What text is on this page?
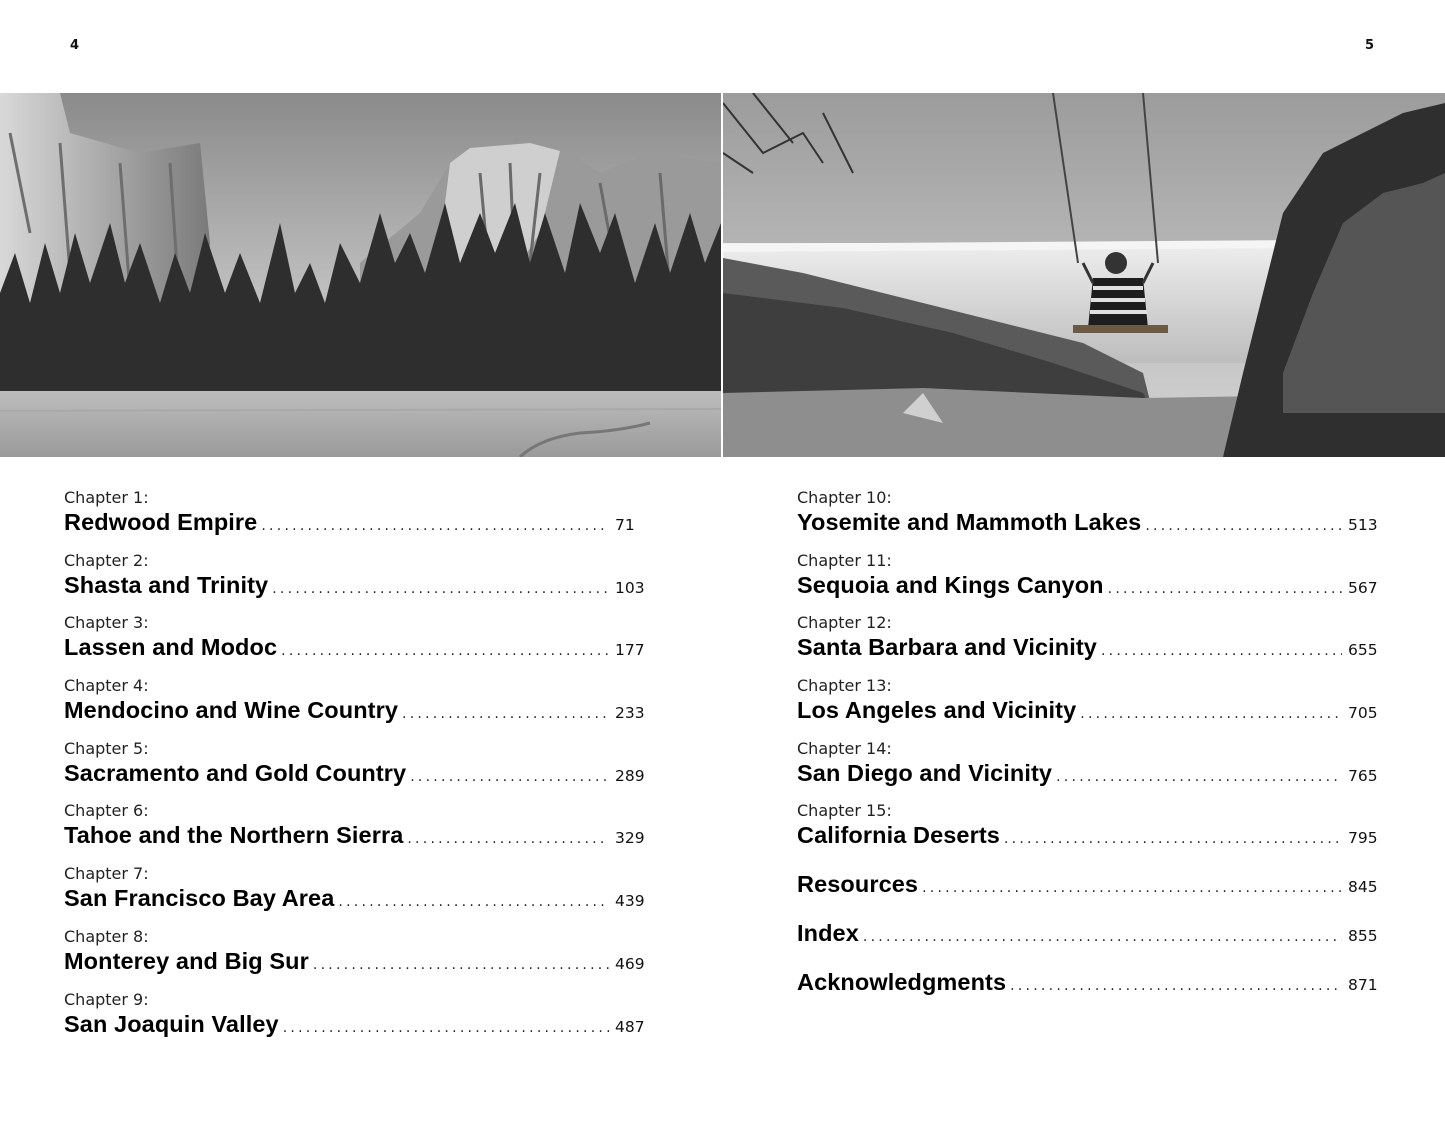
4	5
Chapter 1:
Redwood Empire . . .	71
Chapter 2:
Shasta and Trinity . . .	103
Chapter 3:
Lassen and Modoc . . .	177
Chapter 4:
Mendocino and Wine Country . . .	233
Chapter 5:
Sacramento and Gold Country . . .	289
Chapter 6:
Tahoe and the Northern Sierra . . .	329
Chapter 7:
San Francisco Bay Area . . .	439
Chapter 8:
Monterey and Big Sur . . .	469
Chapter 9:
San Joaquin Valley . . .	487
Chapter 10:
Yosemite and Mammoth Lakes . . .	513
Chapter 11:
Sequoia and Kings Canyon . . .	567
Chapter 12:
Santa Barbara and Vicinity . . .	655
Chapter 13:
Los Angeles and Vicinity . . .	705
Chapter 14:
San Diego and Vicinity . . .	765
Chapter 15:
California Deserts . . .	795
Resources . . .	845
Index . . .	855
Acknowledgments . . .	871
